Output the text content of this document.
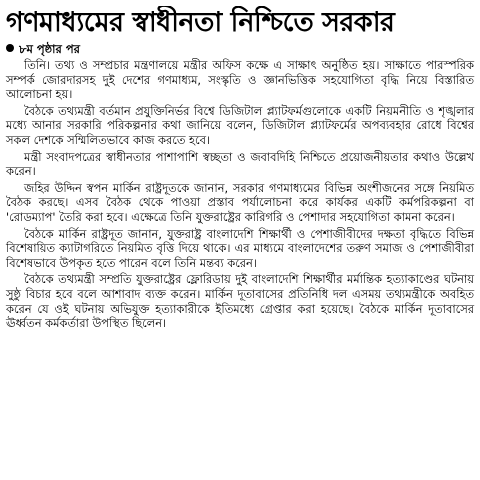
গণমাধ্যমের স্বাধীনতা নিশ্চিতে সরকার
৮ম পৃষ্ঠার পর

তিনি। তথ্য ও সম্প্রচার মন্ত্রণালয়ে মন্ত্রীর অফিস কক্ষে এ সাক্ষাৎ অনুষ্ঠিত হয়। সাক্ষাতে পারস্পরিক সম্পর্ক জোরদারসহ দুই দেশের গণমাধ্যম, সংস্কৃতি ও জ্ঞানভিত্তিক সহযোগিতা বৃদ্ধি নিয়ে বিস্তারিত আলোচনা হয়।

বৈঠকে তথ্যমন্ত্রী বর্তমান প্রযুক্তিনির্ভর বিশ্বে ডিজিটাল প্ল্যাটফর্মগুলোকে একটি নিয়মনীতি ও শৃঙ্খলার মধ্যে আনার সরকারি পরিকল্পনার কথা জানিয়ে বলেন, ডিজিটাল প্ল্যাটফর্মের অপব্যবহার রোধে বিশ্বের সকল দেশকে সম্মিলিতভাবে কাজ করতে হবে।

মন্ত্রী সংবাদপত্রের স্বাধীনতার পাশাপাশি স্বচ্ছতা ও জবাবদিহি নিশ্চিতে প্রয়োজনীয়তার কথাও উল্লেখ করেন।

জহির উদ্দিন স্বপন মার্কিন রাষ্ট্রদূতকে জানান, সরকার গণমাধ্যমের বিভিন্ন অংশীজনের সঙ্গে নিয়মিত বৈঠক করছে। এসব বৈঠক থেকে পাওয়া প্রস্তাব পর্যালোচনা করে কার্যকর একটি কর্মপরিকল্পনা বা 'রোডম্যাপ' তৈরি করা হবে। এক্ষেত্রে তিনি যুক্তরাষ্ট্রের কারিগরি ও পেশাদার সহযোগিতা কামনা করেন।

বৈঠকে মার্কিন রাষ্ট্রদূত জানান, যুক্তরাষ্ট্র বাংলাদেশি শিক্ষার্থী ও পেশাজীবীদের দক্ষতা বৃদ্ধিতে বিভিন্ন বিশেষায়িত ক্যাটাগরিতে নিয়মিত বৃত্তি দিয়ে থাকে। এর মাধ্যমে বাংলাদেশের তরুণ সমাজ ও পেশাজীবীরা বিশেষভাবে উপকৃত হতে পারেন বলে তিনি মন্তব্য করেন।

বৈঠকে তথ্যমন্ত্রী সম্প্রতি যুক্তরাষ্ট্রের ফ্লোরিডায় দুই বাংলাদেশি শিক্ষার্থীর মর্মান্তিক হত্যাকাণ্ডের ঘটনায় সুষ্ঠু বিচার হবে বলে আশাবাদ ব্যক্ত করেন। মার্কিন দূতাবাসের প্রতিনিধি দল এসময় তথ্যমন্ত্রীকে অবহিত করেন যে ওই ঘটনায় অভিযুক্ত হত্যাকারীকে ইতিমধ্যে গ্রেপ্তার করা হয়েছে। বৈঠকে মার্কিন দূতাবাসের ঊর্ধ্বতন কর্মকর্তারা উপস্থিত ছিলেন।
